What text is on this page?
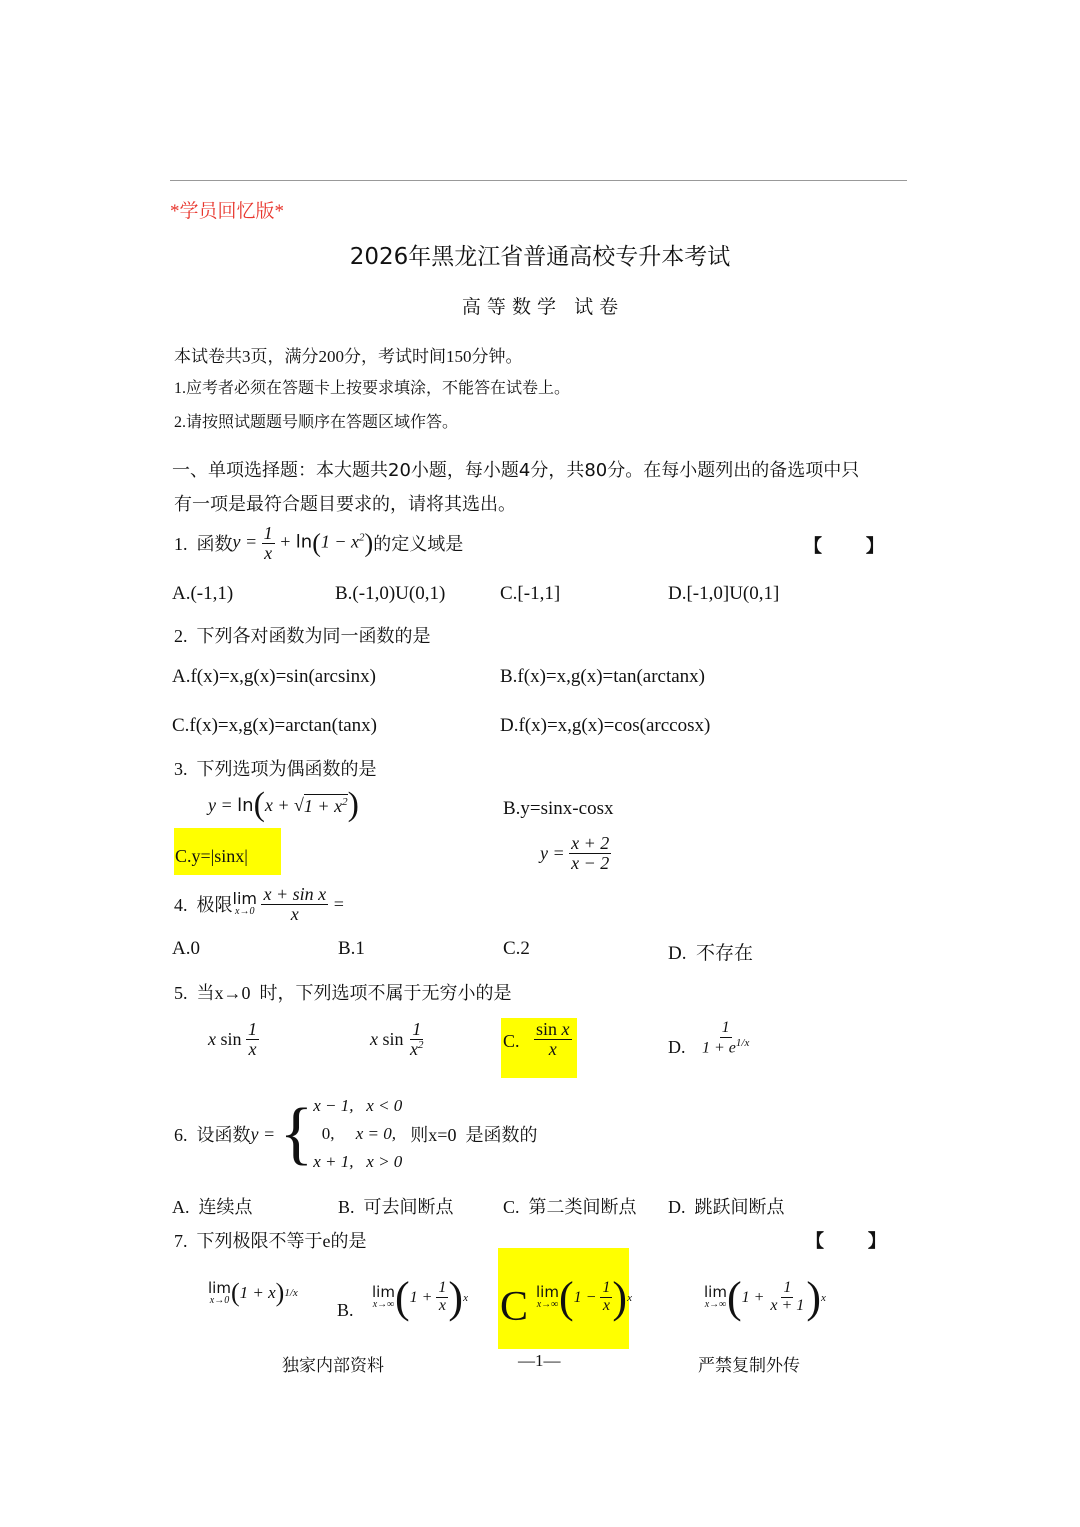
*学员回忆版*
2026年黑龙江省普通高校专升本考试
高 等 数 学   试 卷
本试卷共3页，满分200分，考试时间150分钟。
1.应考者必须在答题卡上按要求填涂，不能答在试卷上。
2.请按照试题题号顺序在答题区域作答。
一、单项选择题：本大题共20小题，每小题4分，共80分。在每小题列出的备选项中只
有一项是最符合题目要求的，请将其选出。
1.  函数 $y = \frac{1}{x} + \ln(1 - x^2)$ 的定义域是	【       】
A.(-1,1)	B.(-1,0)U(0,1)	C.[-1,1]	D.[-1,0]U(0,1]
2.  下列各对函数为同一函数的是
A.f(x)=x,g(x)=sin(arcsinx)	B.f(x)=x,g(x)=tan(arctanx)
C.f(x)=x,g(x)=arctan(tanx)	D.f(x)=x,g(x)=cos(arccosx)
3.  下列选项为偶函数的是
y = ln ( x + √ $1 + x^2$ )	B.y=sinx-cosx
C.y=|sinx|	$y = \frac{x + 2}{x - 2}$
4.  极限 lim
x→0
$\frac{\text{x + sin x}}{x}$ =
A.0	B.1	C.2	D.  不存在
5.  当x→0  时，下列选项不属于无穷小的是
x sin
$\frac{1}{x}$	x sin
$\frac{1}{x^2}$	C. $\frac{\text{sin x}}{x}$	D. $\frac{1}{1 + e^{1/x}}$
6.  设函数 y = { x − 1,   x < 0
0,     x = 0,
x + 1,   x > 0
则x=0  是函数的
A.  连续点	B.  可去间断点	C.  第二类间断点 D.  跳跃间断点
7.  下列极限不等于e的是	【       】
lim
x→0 ( 1 + x ) 1/x
B.
lim
x→∞ ( $1 + \frac{1}{x}$ ) x C lim
x→∞ ( $1 - \frac{1}{x}$ ) x	lim
x→∞ ( $1 + \frac{1}{x + 1}$ ) x
独家内部资料	—1—	严禁复制外传
